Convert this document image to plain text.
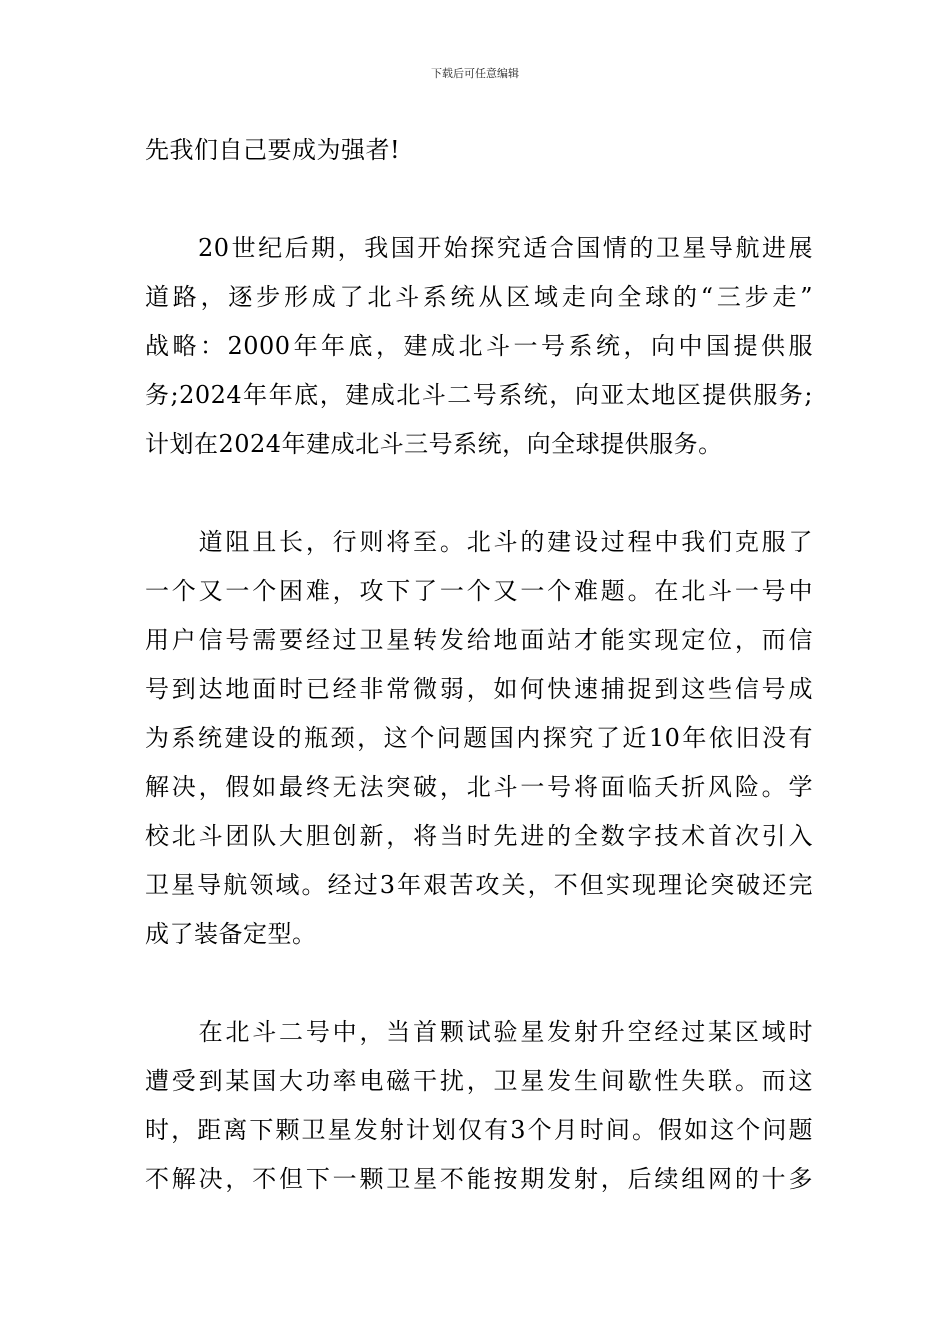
下载后可任意编辑
先我们自己要成为强者!
　　20世纪后期，我国开始探究适合国情的卫星导航进展
道路，逐步形成了北斗系统从区域走向全球的“三步走”
战略：2000年年底，建成北斗一号系统，向中国提供服
务;2024年年底，建成北斗二号系统，向亚太地区提供服务;
计划在2024年建成北斗三号系统，向全球提供服务。
　　道阻且长，行则将至。北斗的建设过程中我们克服了
一个又一个困难，攻下了一个又一个难题。在北斗一号中
用户信号需要经过卫星转发给地面站才能实现定位，而信
号到达地面时已经非常微弱，如何快速捕捉到这些信号成
为系统建设的瓶颈，这个问题国内探究了近10年依旧没有
解决，假如最终无法突破，北斗一号将面临夭折风险。学
校北斗团队大胆创新，将当时先进的全数字技术首次引入
卫星导航领域。经过3年艰苦攻关，不但实现理论突破还完
成了装备定型。
　　在北斗二号中，当首颗试验星发射升空经过某区域时
遭受到某国大功率电磁干扰，卫星发生间歇性失联。而这
时，距离下颗卫星发射计划仅有3个月时间。假如这个问题
不解决，不但下一颗卫星不能按期发射，后续组网的十多
